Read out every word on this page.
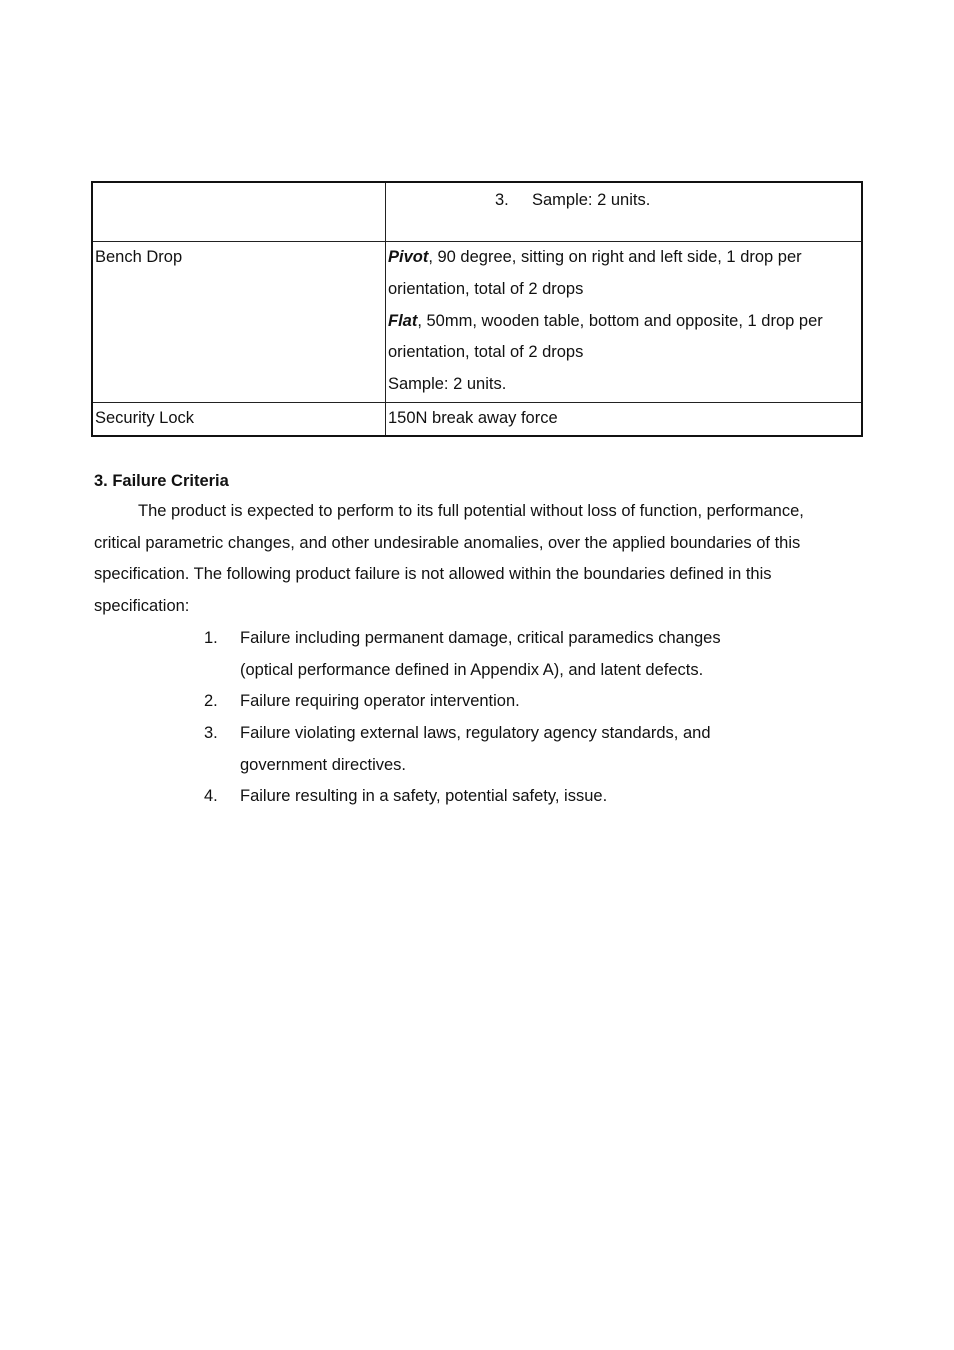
	3. Sample: 2 units.

Bench Drop	Pivot, 90 degree, sitting on right and left side, 1 drop per orientation, total of 2 drops
Flat, 50mm, wooden table, bottom and opposite, 1 drop per orientation, total of 2 drops
Sample: 2 units.

Security Lock	150N break away force

3. Failure Criteria

The product is expected to perform to its full potential without loss of function, performance, critical parametric changes, and other undesirable anomalies, over the applied boundaries of this specification. The following product failure is not allowed within the boundaries defined in this specification:

1. Failure including permanent damage, critical paramedics changes (optical performance defined in Appendix A), and latent defects.
2. Failure requiring operator intervention.
3. Failure violating external laws, regulatory agency standards, and government directives.
4. Failure resulting in a safety, potential safety, issue.
